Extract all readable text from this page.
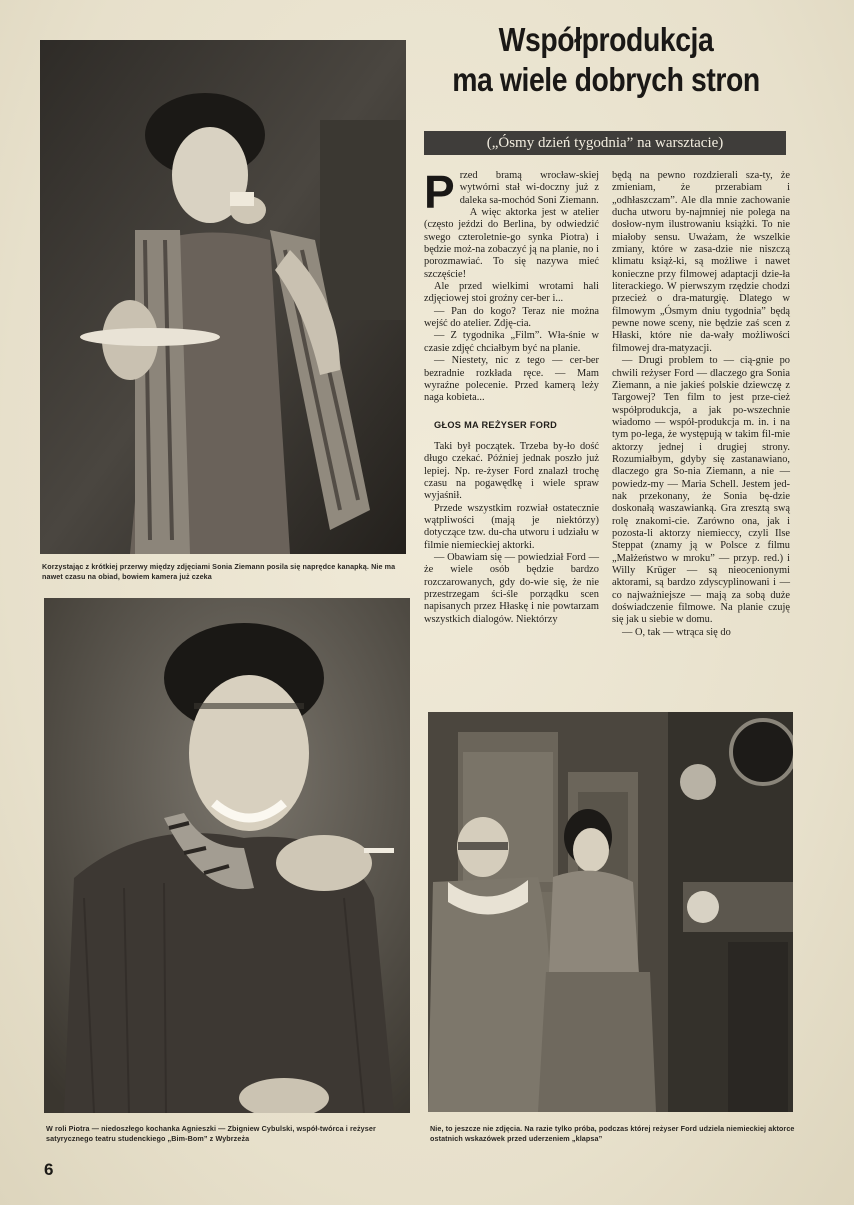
Korzystając z krótkiej przerwy między zdjęciami Sonia Ziemann posila się naprędce kanapką. Nie ma nawet czasu na obiad, bowiem kamera już czeka
W roli Piotra — niedoszłego kochanka Agnieszki — Zbigniew Cybulski, współ-twórca i reżyser satyrycznego teatru studenckiego „Bim-Bom” z Wybrzeża
Nie, to jeszcze nie zdjęcia. Na razie tylko próba, podczas której reżyser Ford udziela niemieckiej aktorce ostatnich wskazówek przed uderzeniem „klapsa”
Współprodukcja
ma wiele dobrych stron
(„Ósmy dzień tygodnia” na warsztacie)

Przed bramą wrocław-skiej wytwórni stał wi-doczny już z daleka sa-mochód Soni Ziemann.

A więc aktorka jest w atelier (często jeździ do Berlina, by odwiedzić swego czteroletnie-go synka Piotra) i będzie moż-na zobaczyć ją na planie, no i porozmawiać. To się nazywa mieć szczęście!

Ale przed wielkimi wrotami hali zdjęciowej stoi groźny cer-ber i...

— Pan do kogo? Teraz nie można wejść do atelier. Zdję-cia.

— Z tygodnika „Film”. Wła-śnie w czasie zdjęć chciałbym być na planie.

— Niestety, nic z tego — cer-ber bezradnie rozkłada ręce. — Mam wyraźne polecenie. Przed kamerą leży naga kobieta...

GŁOS MA REŻYSER FORD

Taki był początek. Trzeba by-ło dość długo czekać. Później jednak poszło już lepiej. Np. re-żyser Ford znalazł trochę czasu na pogawędkę i wiele spraw wyjaśnił.

Przede wszystkim rozwiał ostatecznie wątpliwości (mają je niektórzy) dotyczące tzw. du-cha utworu i udziału w filmie niemieckiej aktorki.

— Obawiam się — powiedział Ford — że wiele osób będzie bardzo rozczarowanych, gdy do-wie się, że nie przestrzegam ści-śle porządku scen napisanych przez Hłaskę i nie powtarzam wszystkich dialogów. Niektórzy

będą na pewno rozdzierali sza-ty, że zmieniam, że przerabiam i „odhłaszczam”. Ale dla mnie zachowanie ducha utworu by-najmniej nie polega na dosłow-nym ilustrowaniu książki. To nie miałoby sensu. Uważam, że wszelkie zmiany, które w zasa-dzie nie niszczą klimatu książ-ki, są możliwe i nawet konieczne przy filmowej adaptacji dzie-ła literackiego. W pierwszym rzędzie chodzi przecież o dra-maturgię. Dlatego w filmowym „Ósmym dniu tygodnia” będą pewne nowe sceny, nie będzie zaś scen z Hłaski, które nie da-wały możliwości filmowej dra-matyzacji.

— Drugi problem to — cią-gnie po chwili reżyser Ford — dlaczego gra Sonia Ziemann, a nie jakieś polskie dziewczę z Targowej? Ten film to jest prze-cież współprodukcja, a jak po-wszechnie wiadomo — współ-produkcja m. in. i na tym po-lega, że występują w takim fil-mie aktorzy jednej i drugiej strony. Rozumiałbym, gdyby się zastanawiano, dlaczego gra So-nia Ziemann, a nie — powiedz-my — Maria Schell. Jestem jed-nak przekonany, że Sonia bę-dzie doskonałą waszawianką. Gra zresztą swą rolę znakomi-cie. Zarówno ona, jak i pozosta-li aktorzy niemieccy, czyli Ilse Steppat (znamy ją w Polsce z filmu „Małżeństwo w mroku” — przyp. red.) i Willy Krüger — są nieocenionymi aktorami, są bardzo zdyscyplinowani i — co najważniejsze — mają za sobą duże doświadczenie filmowe. Na planie czuję się jak u siebie w domu.

— O, tak — wtrąca się do

6
